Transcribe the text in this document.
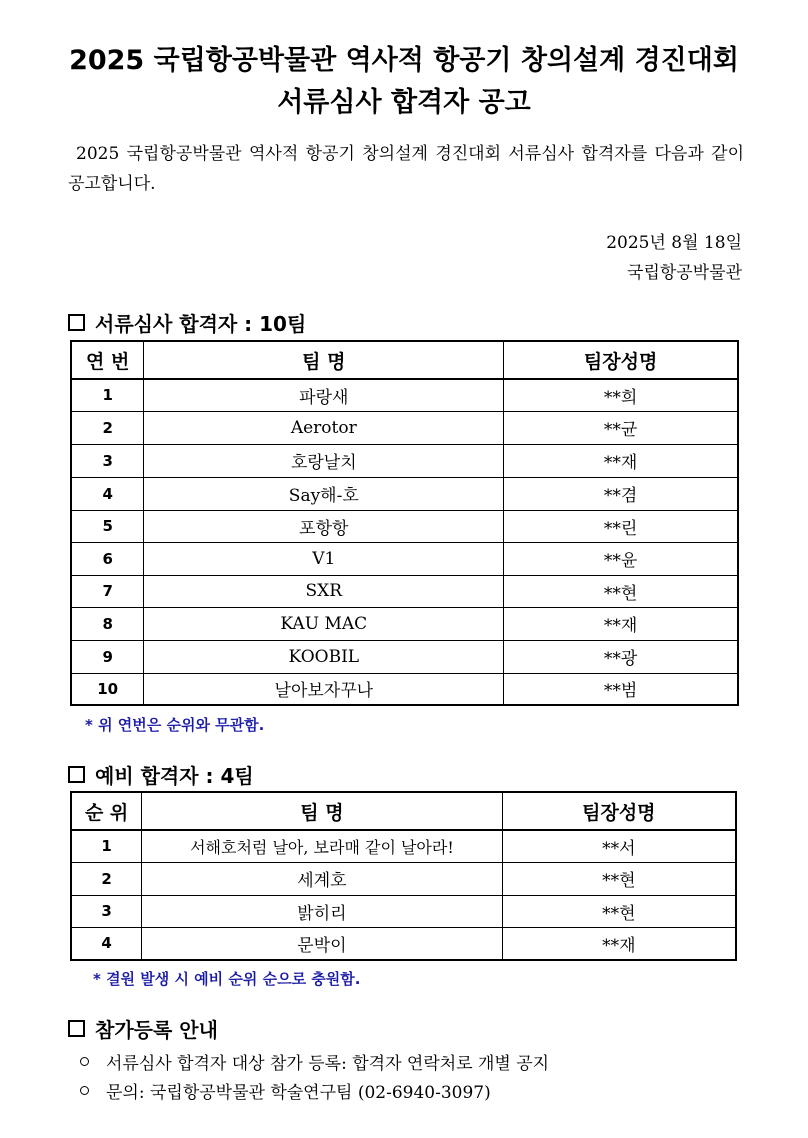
2025 국립항공박물관 역사적 항공기 창의설계 경진대회
서류심사 합격자 공고
2025 국립항공박물관 역사적 항공기 창의설계 경진대회 서류심사 합격자를 다음과 같이 공고합니다.
2025년 8월 18일
국립항공박물관
서류심사 합격자 : 10팀
연 번	팀 명	팀장성명
1	파랑새	**희
2	Aerotor	**균
3	호랑날치	**재
4	Say해-호	**겸
5	포항항	**린
6	V1	**윤
7	SXR	**현
8	KAU MAC	**재
9	KOOBIL	**광
10	날아보자꾸나	**범
* 위 연번은 순위와 무관함.
예비 합격자 : 4팀
순 위	팀 명	팀장성명
1	서해호처럼 날아, 보라매 같이 날아라!	**서
2	세계호	**현
3	밝히리	**현
4	문박이	**재
* 결원 발생 시 예비 순위 순으로 충원함.
참가등록 안내
서류심사 합격자 대상 참가 등록: 합격자 연락처로 개별 공지
문의: 국립항공박물관 학술연구팀 (02-6940-3097)
